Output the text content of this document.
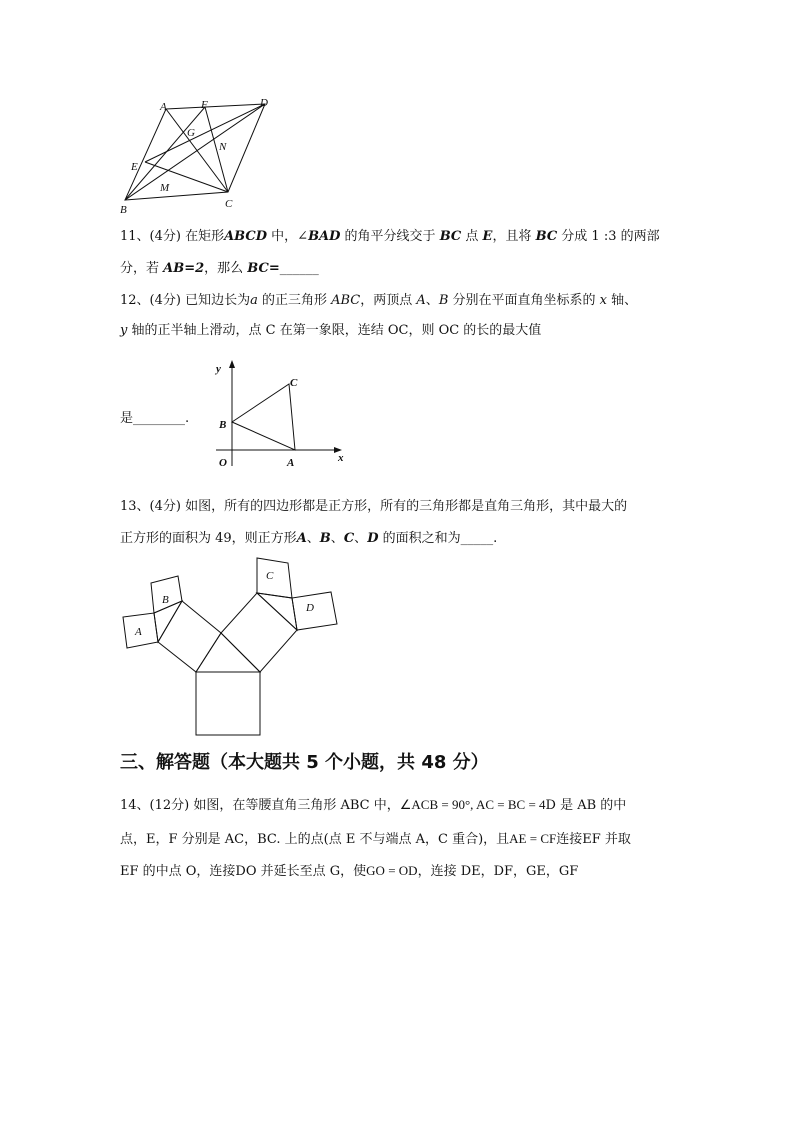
A	F	D
G
N
E
M
B	C
11、(4分) 在矩形ABCD 中，∠BAD 的角平分线交于 BC 点 E，且将 BC 分成 1 :3 的两部
分，若 AB=2，那么 BC=______
12、(4分) 已知边长为a 的正三角形 ABC，两顶点 A、B 分别在平面直角坐标系的 x 轴、
y 轴的正半轴上滑动，点 C 在第一象限，连结 OC，则 OC 的长的最大值
是________.
y
x
C
B
O	A
13、(4分) 如图，所有的四边形都是正方形，所有的三角形都是直角三角形，其中最大的
正方形的面积为 49，则正方形A、B、C、D 的面积之和为_____.
A
B
C
D
三、解答题（本大题共 5 个小题，共 48 分）
14、(12分) 如图，在等腰直角三角形 ABC 中，∠ACB = 90°, AC = BC = 4D 是 AB 的中
点，E，F 分别是 AC，BC. 上的点(点 E 不与端点 A，C 重合)，且AE = CF连接EF 并取
EF 的中点 O，连接DO 并延长至点 G，使GO = OD，连接 DE，DF，GE，GF
